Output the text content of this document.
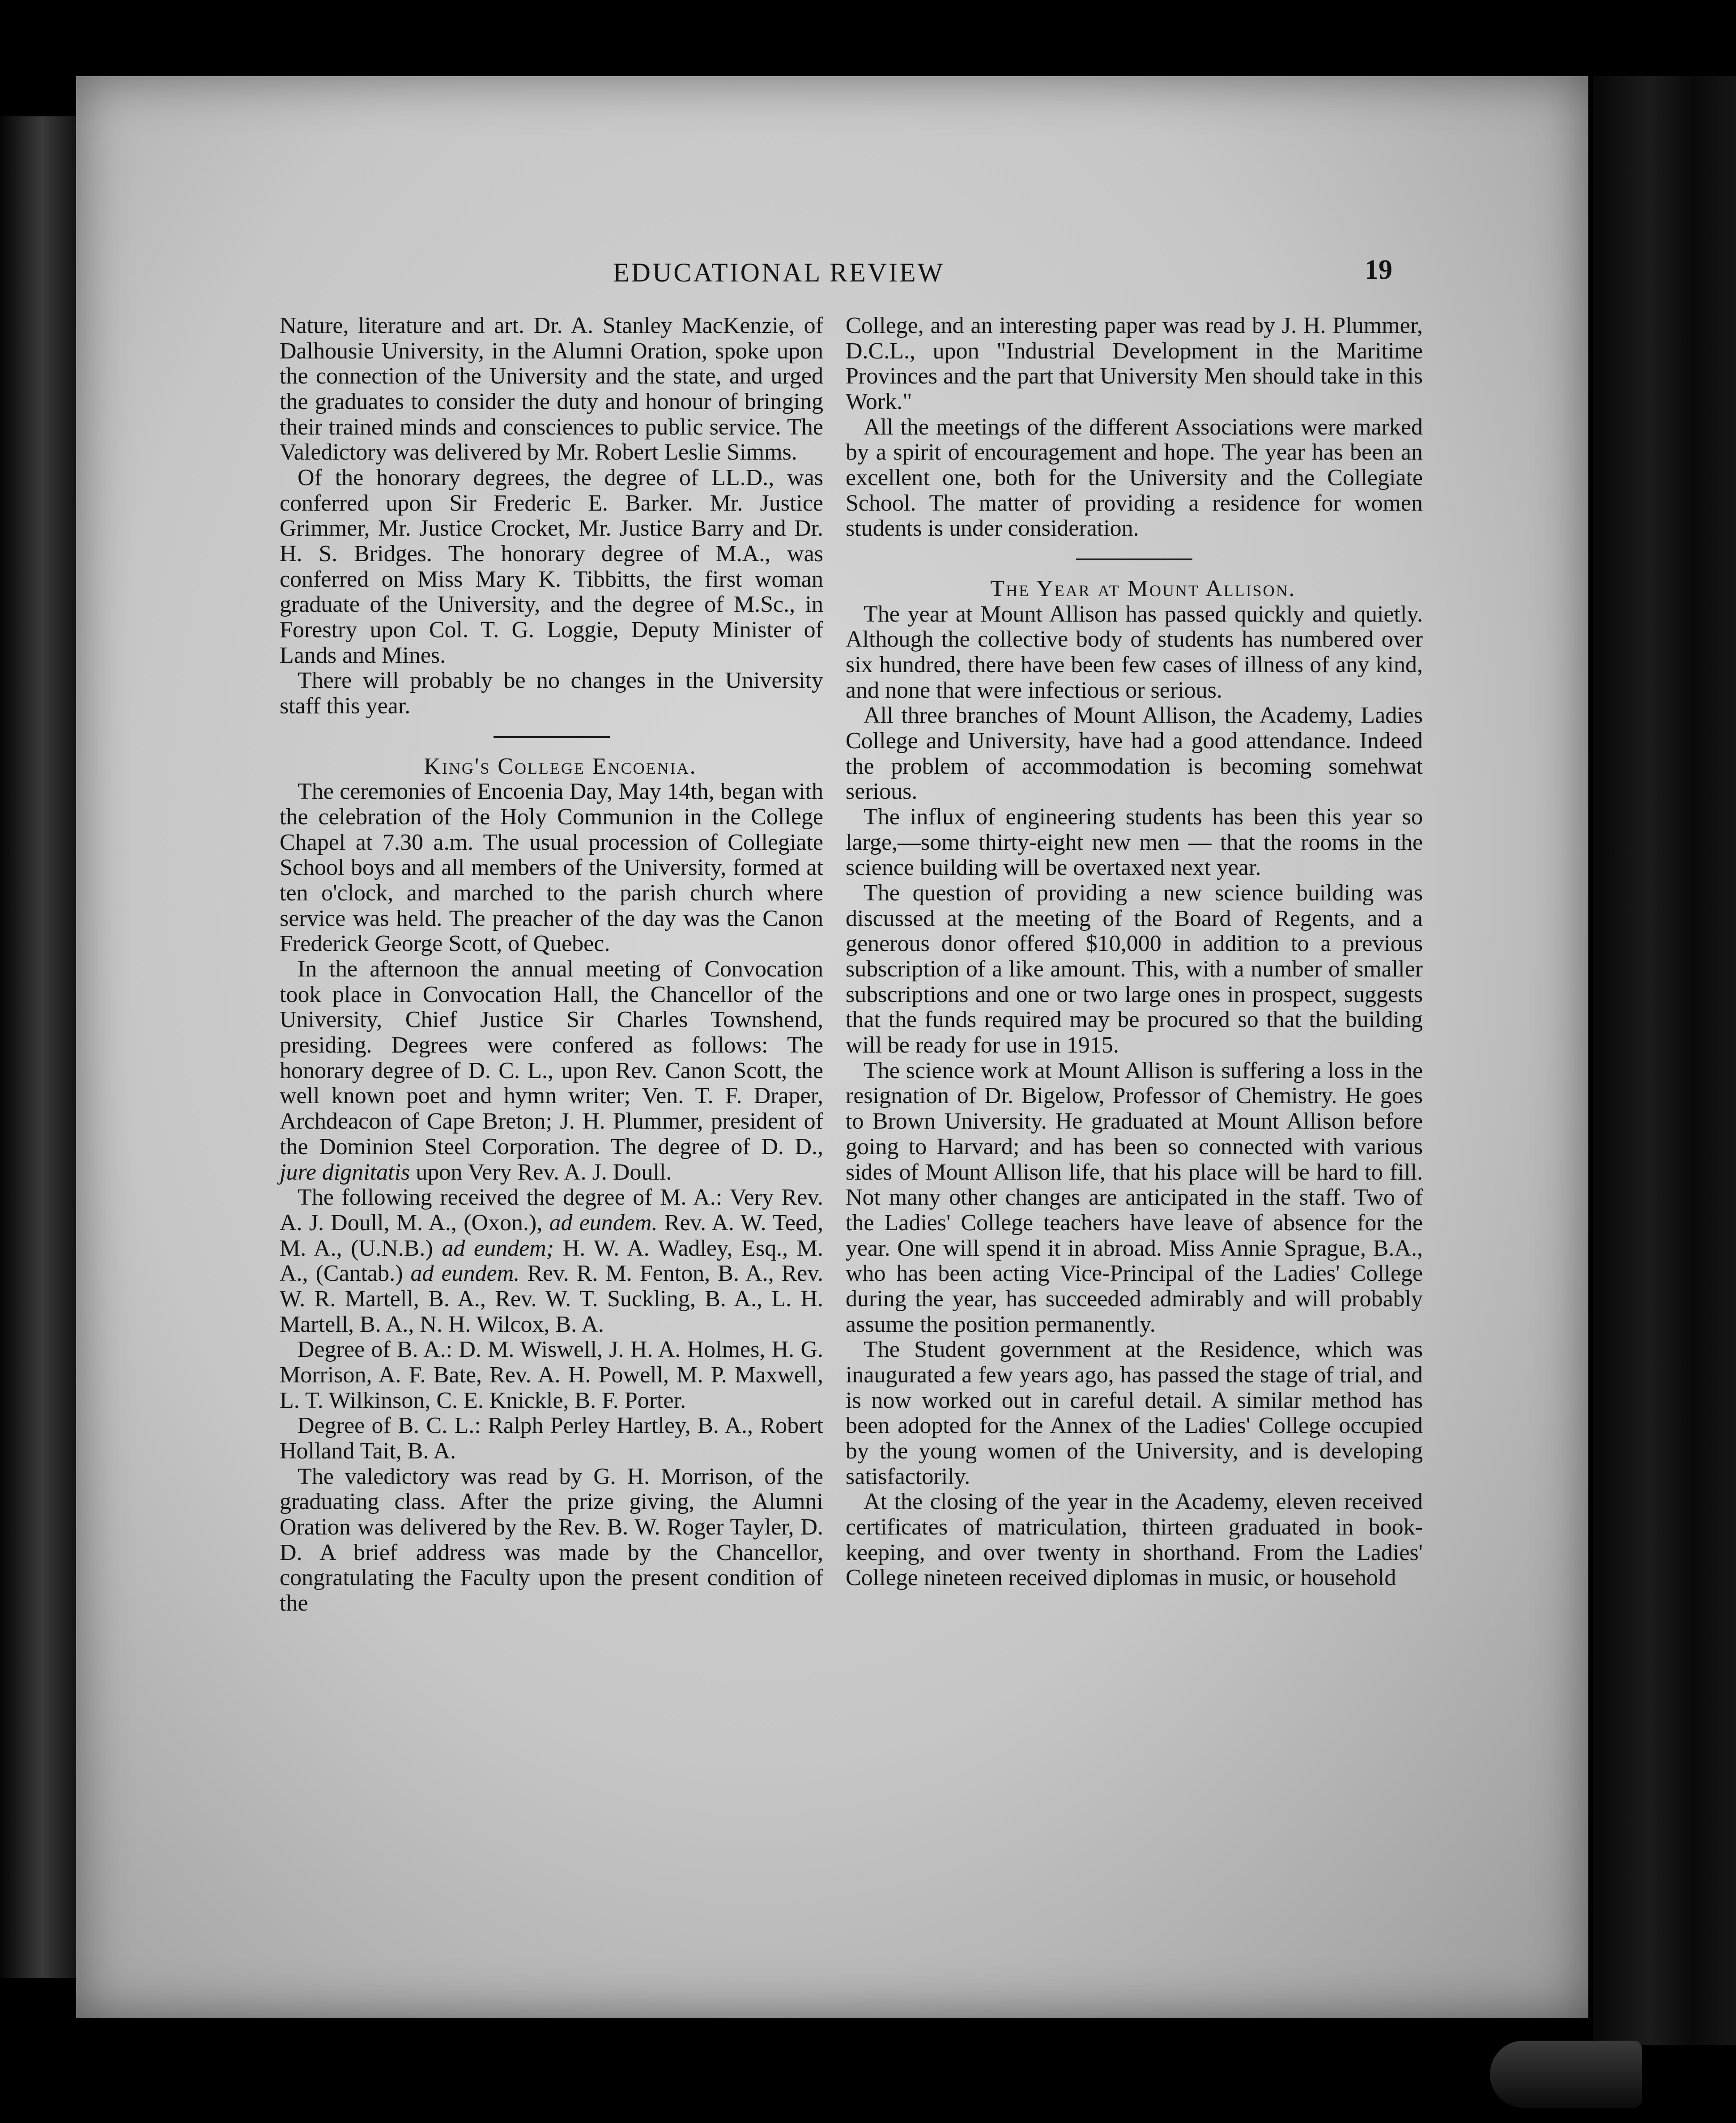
EDUCATIONAL REVIEW	19

Nature, literature and art. Dr. A. Stanley MacKenzie, of Dalhousie University, in the Alumni Oration, spoke upon the connection of the University and the state, and urged the graduates to consider the duty and honour of bringing their trained minds and consciences to public service. The Valedictory was delivered by Mr. Robert Leslie Simms.

Of the honorary degrees, the degree of LL.D., was conferred upon Sir Frederic E. Barker. Mr. Justice Grimmer, Mr. Justice Crocket, Mr. Justice Barry and Dr. H. S. Bridges. The honorary degree of M.A., was conferred on Miss Mary K. Tibbitts, the first woman graduate of the University, and the degree of M.Sc., in Forestry upon Col. T. G. Loggie, Deputy Minister of Lands and Mines.

There will probably be no changes in the University staff this year.

King's College Encoenia.

The ceremonies of Encoenia Day, May 14th, began with the celebration of the Holy Communion in the College Chapel at 7.30 a.m. The usual procession of Collegiate School boys and all members of the University, formed at ten o'clock, and marched to the parish church where service was held. The preacher of the day was the Canon Frederick George Scott, of Quebec.

In the afternoon the annual meeting of Convocation took place in Convocation Hall, the Chancellor of the University, Chief Justice Sir Charles Townshend, presiding. Degrees were confered as follows: The honorary degree of D. C. L., upon Rev. Canon Scott, the well known poet and hymn writer; Ven. T. F. Draper, Archdeacon of Cape Breton; J. H. Plummer, president of the Dominion Steel Corporation. The degree of D. D., jure dignitatis upon Very Rev. A. J. Doull.

The following received the degree of M. A.: Very Rev. A. J. Doull, M. A., (Oxon.), ad eundem. Rev. A. W. Teed, M. A., (U.N.B.) ad eundem; H. W. A. Wadley, Esq., M. A., (Cantab.) ad eundem. Rev. R. M. Fenton, B. A., Rev. W. R. Martell, B. A., Rev. W. T. Suckling, B. A., L. H. Martell, B. A., N. H. Wilcox, B. A.

Degree of B. A.: D. M. Wiswell, J. H. A. Holmes, H. G. Morrison, A. F. Bate, Rev. A. H. Powell, M. P. Maxwell, L. T. Wilkinson, C. E. Knickle, B. F. Porter.

Degree of B. C. L.: Ralph Perley Hartley, B. A., Robert Holland Tait, B. A.

The valedictory was read by G. H. Morrison, of the graduating class. After the prize giving, the Alumni Oration was delivered by the Rev. B. W. Roger Tayler, D. D. A brief address was made by the Chancellor, congratulating the Faculty upon the present condition of the

College, and an interesting paper was read by J. H. Plummer, D.C.L., upon "Industrial Development in the Maritime Provinces and the part that University Men should take in this Work."

All the meetings of the different Associations were marked by a spirit of encouragement and hope. The year has been an excellent one, both for the University and the Collegiate School. The matter of providing a residence for women students is under consideration.

The Year at Mount Allison.

The year at Mount Allison has passed quickly and quietly. Although the collective body of students has numbered over six hundred, there have been few cases of illness of any kind, and none that were infectious or serious.

All three branches of Mount Allison, the Academy, Ladies College and University, have had a good attendance. Indeed the problem of accommodation is becoming somehwat serious.

The influx of engineering students has been this year so large,—some thirty-eight new men — that the rooms in the science building will be overtaxed next year.

The question of providing a new science building was discussed at the meeting of the Board of Regents, and a generous donor offered $10,000 in addition to a previous subscription of a like amount. This, with a number of smaller subscriptions and one or two large ones in prospect, suggests that the funds required may be procured so that the building will be ready for use in 1915.

The science work at Mount Allison is suffering a loss in the resignation of Dr. Bigelow, Professor of Chemistry. He goes to Brown University. He graduated at Mount Allison before going to Harvard; and has been so connected with various sides of Mount Allison life, that his place will be hard to fill. Not many other changes are anticipated in the staff. Two of the Ladies' College teachers have leave of absence for the year. One will spend it in abroad. Miss Annie Sprague, B.A., who has been acting Vice-Principal of the Ladies' College during the year, has succeeded admirably and will probably assume the position permanently.

The Student government at the Residence, which was inaugurated a few years ago, has passed the stage of trial, and is now worked out in careful detail. A similar method has been adopted for the Annex of the Ladies' College occupied by the young women of the University, and is developing satisfactorily.

At the closing of the year in the Academy, eleven received certificates of matriculation, thirteen graduated in book-keeping, and over twenty in shorthand. From the Ladies' College nineteen received diplomas in music, or household
